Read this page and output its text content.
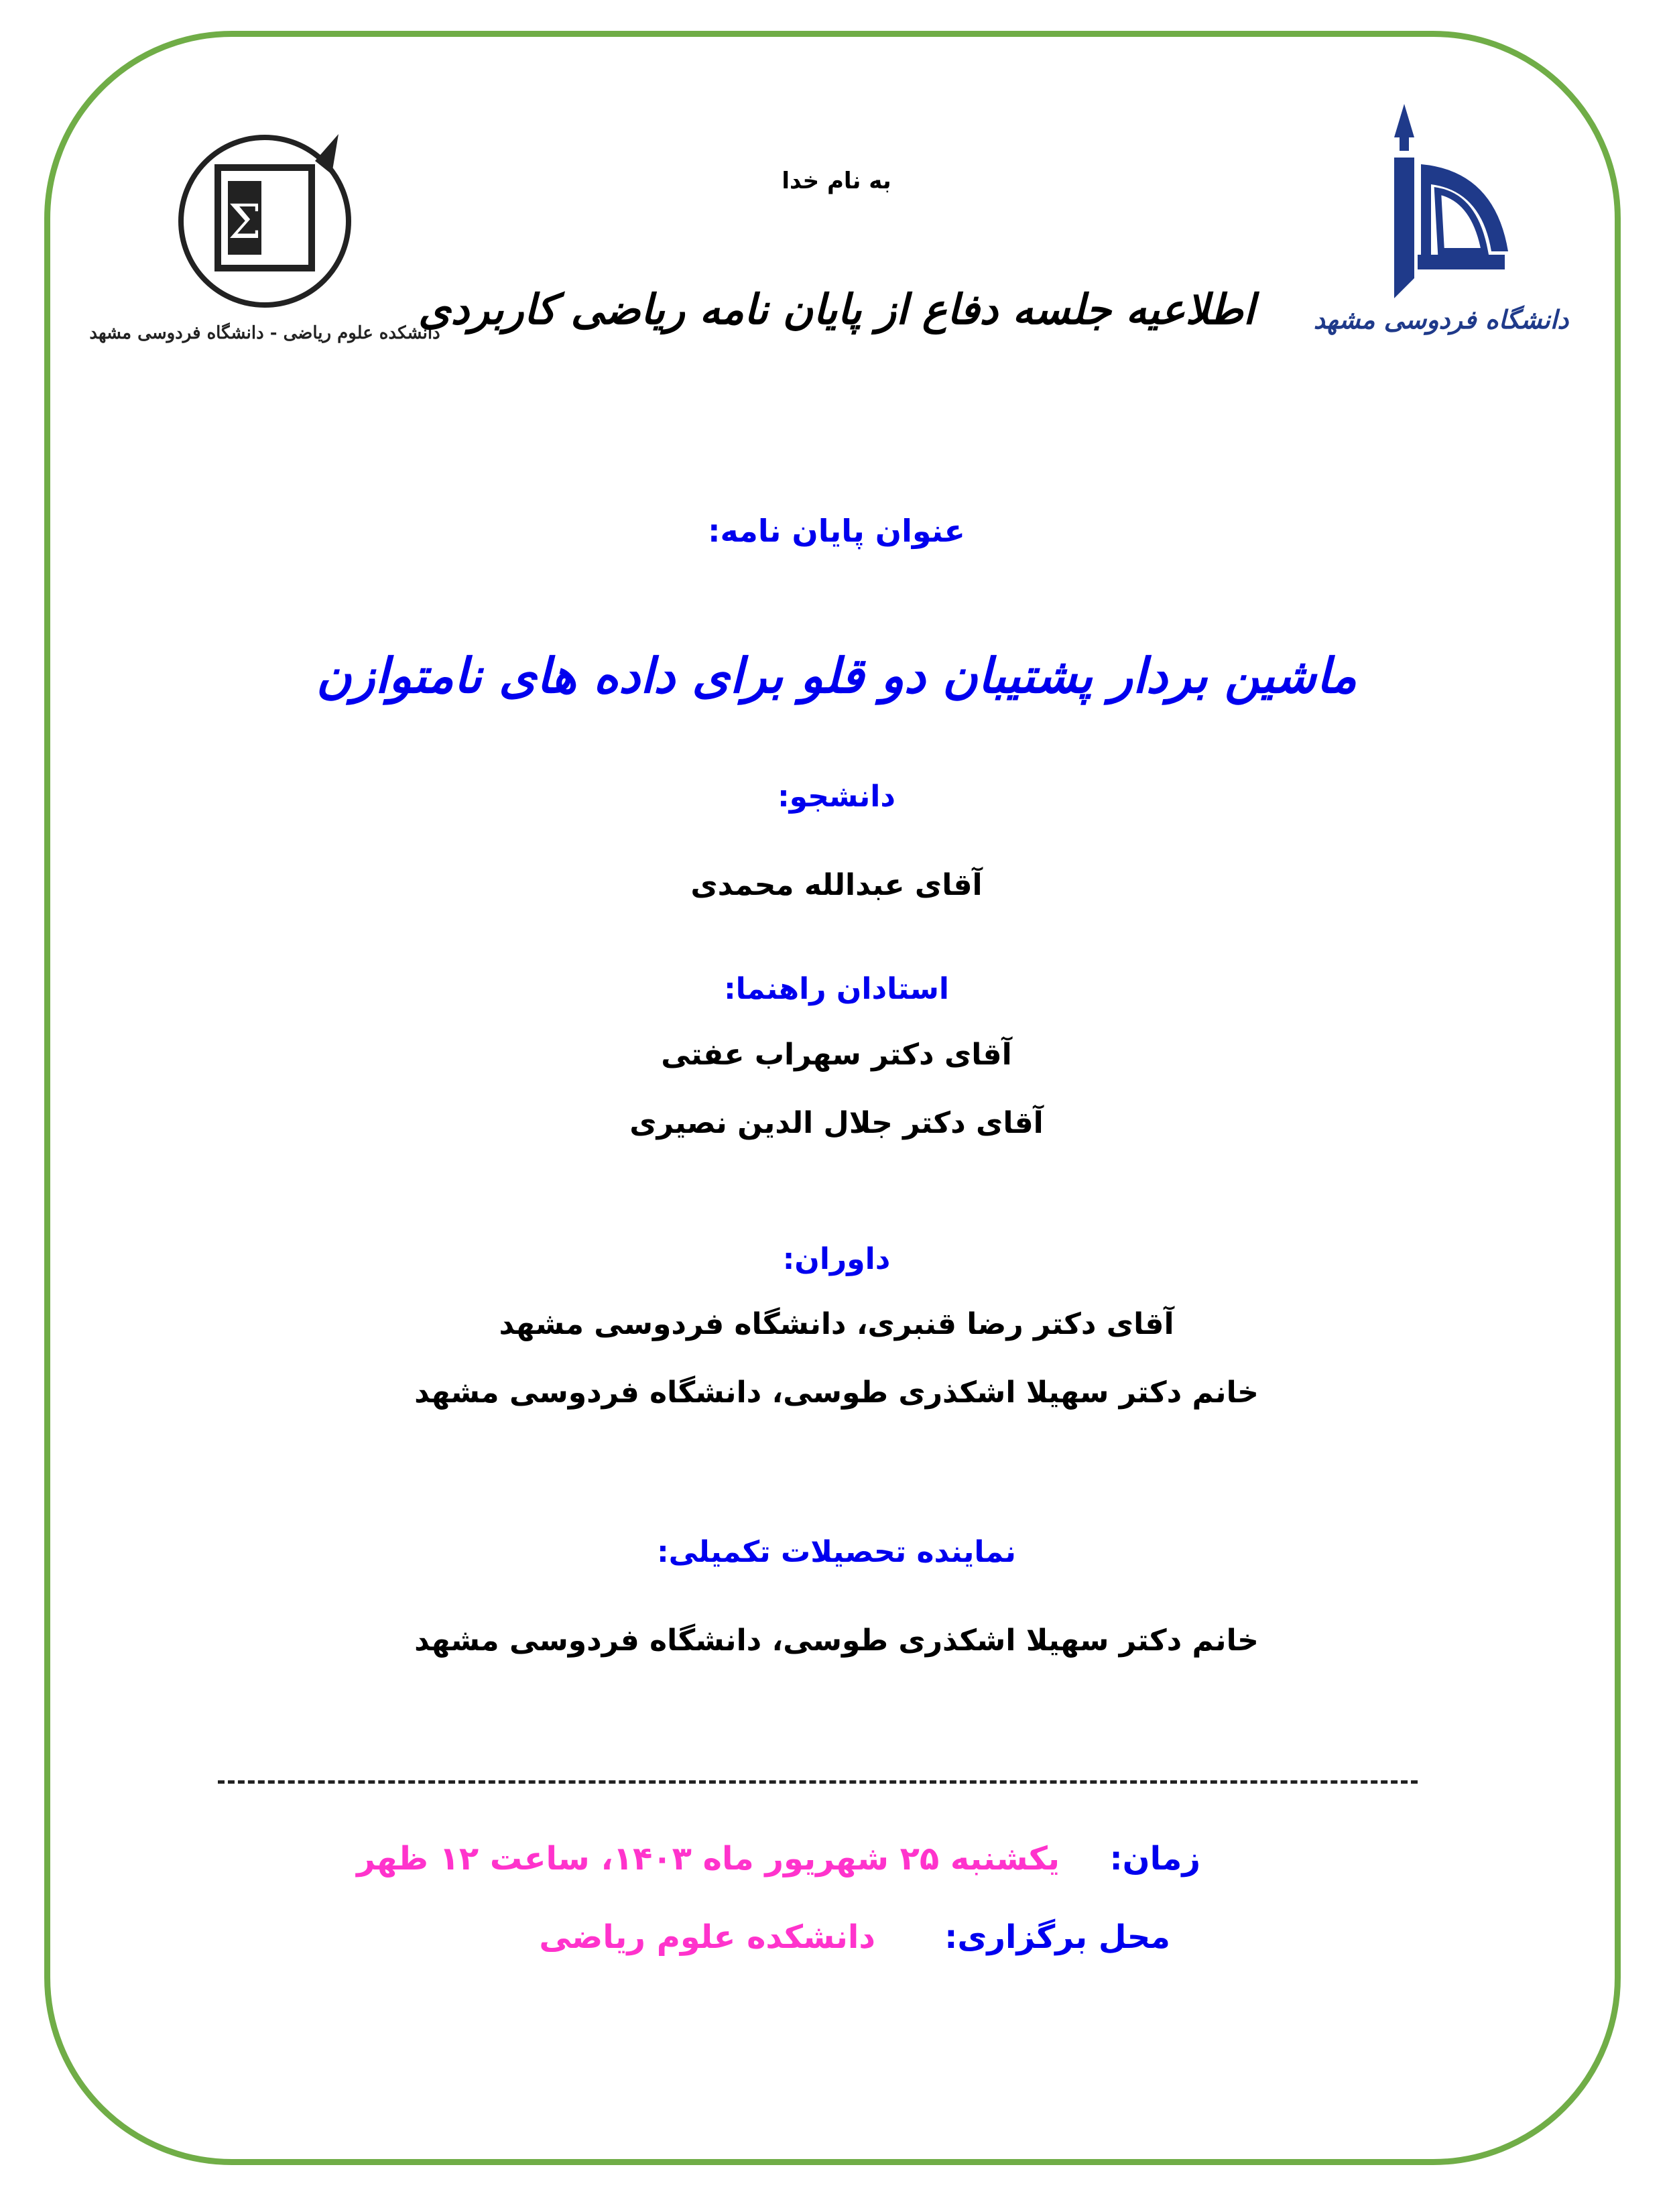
دانشگاه فردوسی مشهد
Σ
دانشکده علوم ریاضی - دانشگاه فردوسی مشهد
به نام خدا
اطلاعیه جلسه دفاع از پایان نامه ریاضی کاربردی
عنوان پایان نامه:
ماشین بردار پشتیبان دو قلو برای داده های نامتوازن
دانشجو:
آقای عبدالله محمدی
استادان راهنما:
آقای دکتر سهراب عفتی
آقای دکتر جلال الدین نصیری
داوران:
آقای دکتر رضا قنبری، دانشگاه فردوسی مشهد
خانم دکتر سهیلا اشکذری طوسی، دانشگاه فردوسی مشهد
نماینده تحصیلات تکمیلی:
خانم دکتر سهیلا اشکذری طوسی، دانشگاه فردوسی مشهد
زمان:
یکشنبه ۲۵ شهریور ماه ۱۴۰۳، ساعت ۱۲ ظهر
محل برگزاری:
دانشکده علوم ریاضی
